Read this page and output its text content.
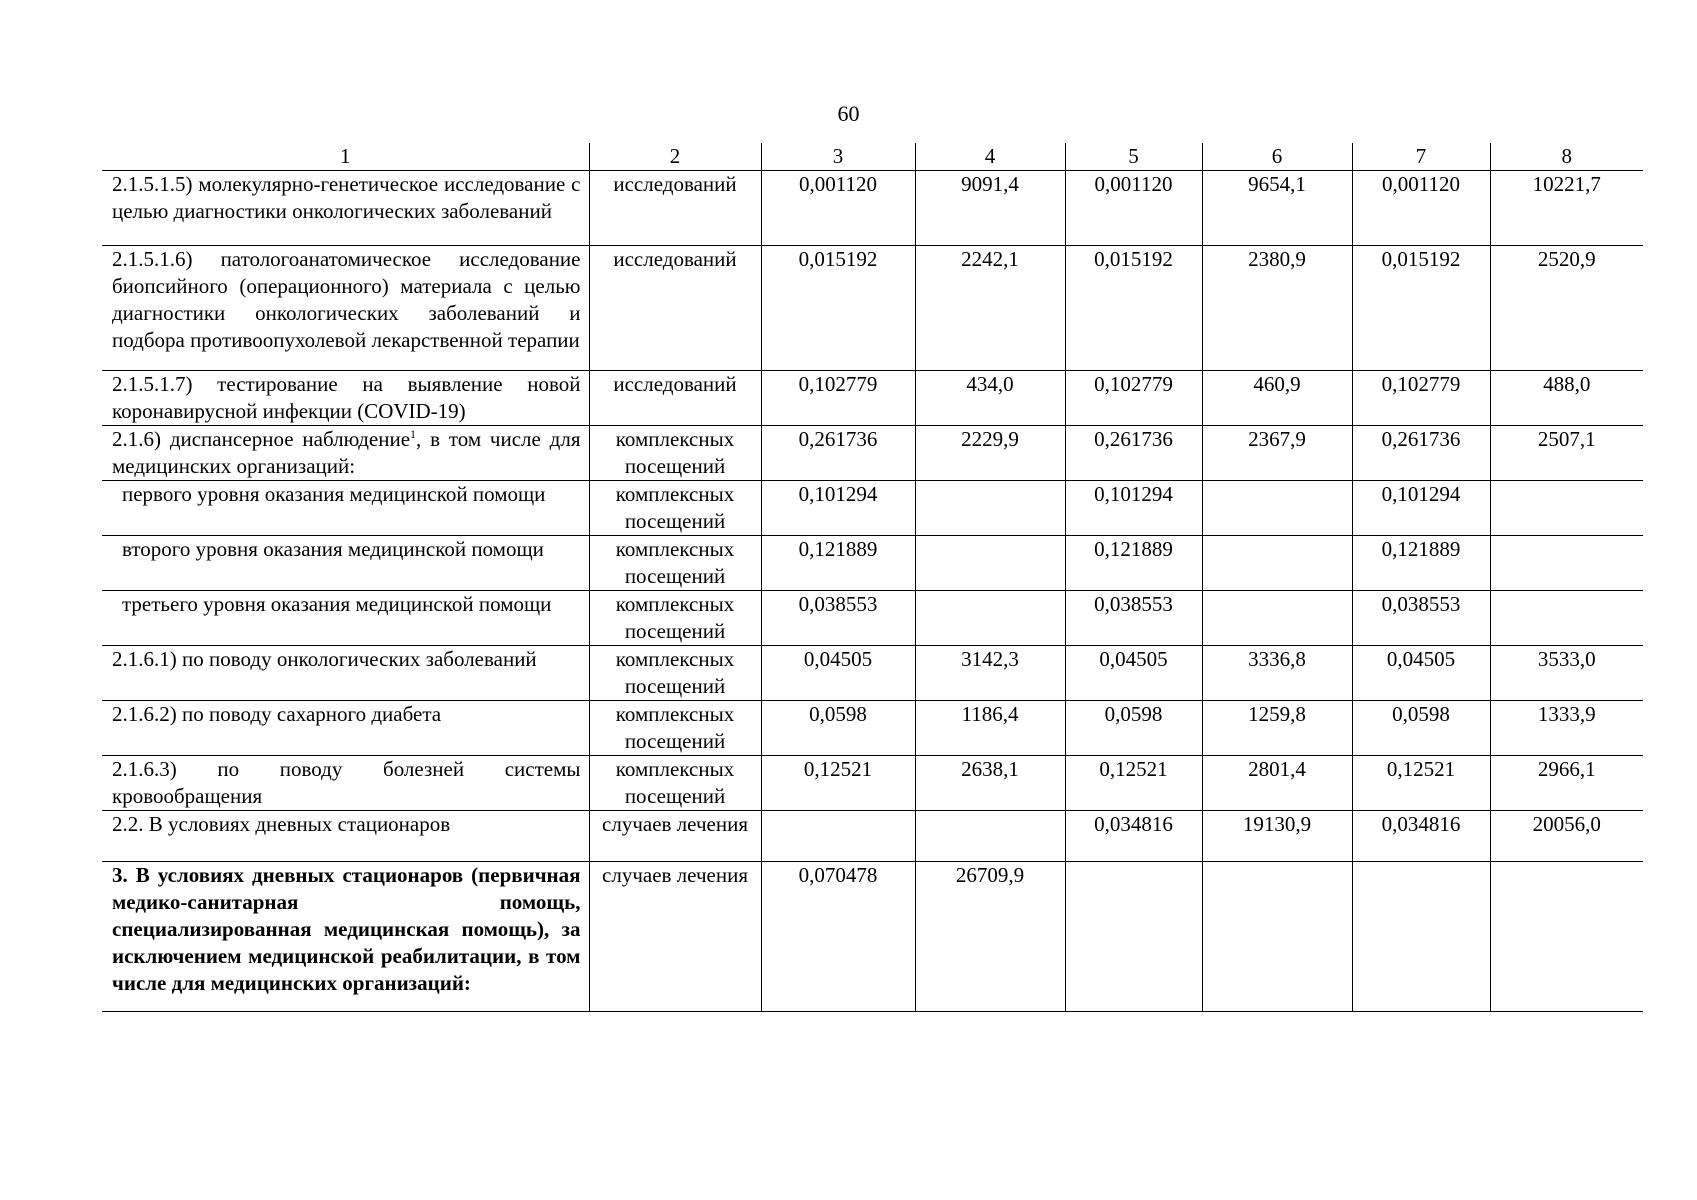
60
1	2	3	4	5	6	7	8
2.1.5.1.5) молекулярно-генетическое исследование с целью диагностики онкологических заболеваний	исследований	0,001120	9091,4	0,001120	9654,1	0,001120	10221,7
2.1.5.1.6) патологоанатомическое исследование биопсийного (операционного) материала с целью диагностики онкологических заболеваний и подбора противоопухолевой лекарственной терапии	исследований	0,015192	2242,1	0,015192	2380,9	0,015192	2520,9
2.1.5.1.7) тестирование на выявление новой коронавирусной инфекции (COVID-19)	исследований	0,102779	434,0	0,102779	460,9	0,102779	488,0
2.1.6) диспансерное наблюдение$^1$, в том числе для медицинских организаций:	комплексных посещений	0,261736	2229,9	0,261736	2367,9	0,261736	2507,1
первого уровня оказания медицинской помощи	комплексных посещений	0,101294		0,101294		0,101294	
второго уровня оказания медицинской помощи	комплексных посещений	0,121889		0,121889		0,121889	
третьего уровня оказания медицинской помощи	комплексных посещений	0,038553		0,038553		0,038553	
2.1.6.1) по поводу онкологических заболеваний	комплексных посещений	0,04505	3142,3	0,04505	3336,8	0,04505	3533,0
2.1.6.2) по поводу сахарного диабета	комплексных посещений	0,0598	1186,4	0,0598	1259,8	0,0598	1333,9
2.1.6.3) по поводу болезней системы кровообращения	комплексных посещений	0,12521	2638,1	0,12521	2801,4	0,12521	2966,1
2.2. В условиях дневных стационаров	случаев лечения			0,034816	19130,9	0,034816	20056,0
3. В условиях дневных стационаров (первичная медико-санитарная помощь, специализированная медицинская помощь), за исключением медицинской реабилитации, в том числе для медицинских организаций:	случаев лечения	0,070478	26709,9				
